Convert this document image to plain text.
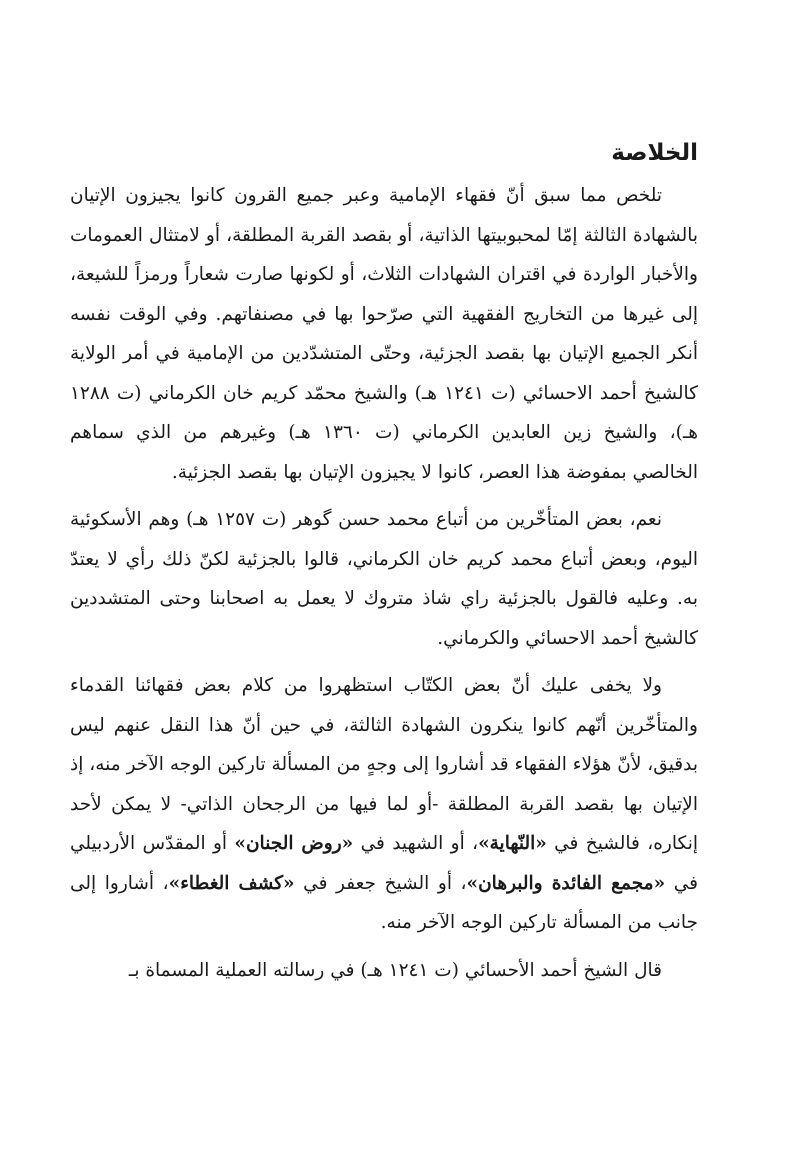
الخلاصة

تلخص مما سبق أنّ فقهاء الإمامية وعبر جميع القرون كانوا يجيزون الإتيان بالشهادة الثالثة إمّا لمحبوبيتها الذاتية، أو بقصد القربة المطلقة، أو لامتثال العمومات والأخبار الواردة في اقتران الشهادات الثلاث، أو لكونها صارت شعاراً ورمزاً للشيعة، إلى غيرها من التخاريج الفقهية التي صرّحوا بها في مصنفاتهم. وفي الوقت نفسه أنكر الجميع الإتيان بها بقصد الجزئية، وحتّى المتشدّدين من الإمامية في أمر الولاية كالشيخ أحمد الاحسائي (ت ١٢٤١ هـ) والشيخ محمّد كريم خان الكرماني (ت ١٢٨٨ هـ)، والشيخ زين العابدين الكرماني (ت ١٣٦٠ هـ) وغيرهم من الذي سماهم الخالصي بمفوضة هذا العصر، كانوا لا يجيزون الإتيان بها بقصد الجزئية.

نعم، بعض المتأخّرين من أتباع محمد حسن گوهر (ت ١٢٥٧ هـ) وهم الأسكوئية اليوم، وبعض أتباع محمد كريم خان الكرماني، قالوا بالجزئية لكنّ ذلك رأي لا يعتدّ به. وعليه فالقول بالجزئية راي شاذ متروك لا يعمل به اصحابنا وحتى المتشددين كالشيخ أحمد الاحسائي والكرماني.

ولا يخفى عليك أنّ بعض الكتّاب استظهروا من كلام بعض فقهائنا القدماء والمتأخّرين أنّهم كانوا ينكرون الشهادة الثالثة، في حين أنّ هذا النقل عنهم ليس بدقيق، لأنّ هؤلاء الفقهاء قد أشاروا إلى وجهٍ من المسألة تاركين الوجه الآخر منه، إذ الإتيان بها بقصد القربة المطلقة -أو لما فيها من الرجحان الذاتي- لا يمكن لأحد إنكاره، فالشيخ في «النّهاية»، أو الشهيد في «روض الجنان» أو المقدّس الأردبيلي في «مجمع الفائدة والبرهان»، أو الشيخ جعفر في «كشف الغطاء»، أشاروا إلى جانب من المسألة تاركين الوجه الآخر منه.

قال الشيخ أحمد الأحسائي (ت ١٢٤١ هـ) في رسالته العملية المسماة بـ
